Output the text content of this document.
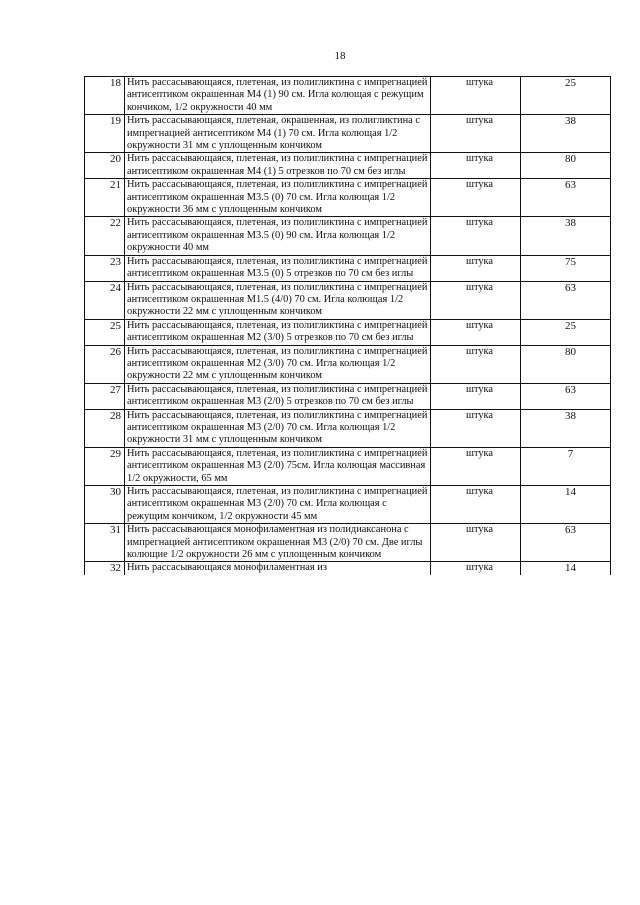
18
18	Нить рассасывающаяся, плетеная, из полигликтина с импрегнацией антисептиком окрашенная М4 (1) 90 см. Игла колющая с режущим кончиком, 1/2 окружности 40 мм	штука	25
19	Нить рассасывающаяся, плетеная, окрашенная, из полигликтина с импрегнацией антисептиком М4 (1) 70 см. Игла колющая 1/2 окружности 31 мм с уплощенным кончиком	штука	38
20	Нить рассасывающаяся, плетеная, из полигликтина с импрегнацией антисептиком окрашенная М4 (1) 5 отрезков по 70 см без иглы	штука	80
21	Нить рассасывающаяся, плетеная, из полигликтина с импрегнацией антисептиком окрашенная М3.5 (0) 70 см. Игла колющая 1/2 окружности 36 мм с уплощенным кончиком	штука	63
22	Нить рассасывающаяся, плетеная, из полигликтина с импрегнацией антисептиком окрашенная М3.5 (0) 90 см. Игла колющая 1/2 окружности 40 мм	штука	38
23	Нить рассасывающаяся, плетеная, из полигликтина с импрегнацией антисептиком окрашенная М3.5 (0) 5 отрезков по 70 см без иглы	штука	75
24	Нить рассасывающаяся, плетеная, из полигликтина с импрегнацией антисептиком окрашенная М1.5 (4/0) 70 см. Игла колющая 1/2 окружности 22 мм с уплощенным кончиком	штука	63
25	Нить рассасывающаяся, плетеная, из полигликтина с импрегнацией антисептиком окрашенная М2 (3/0) 5 отрезков по 70 см без иглы	штука	25
26	Нить рассасывающаяся, плетеная, из полигликтина с импрегнацией антисептиком окрашенная М2 (3/0) 70 см. Игла колющая 1/2 окружности 22 мм с уплощенным кончиком	штука	80
27	Нить рассасывающаяся, плетеная, из полигликтина с импрегнацией антисептиком окрашенная М3 (2/0) 5 отрезков по 70 см без иглы	штука	63
28	Нить рассасывающаяся, плетеная, из полигликтина с импрегнацией антисептиком окрашенная М3 (2/0) 70 см. Игла колющая 1/2 окружности 31 мм с уплощенным кончиком	штука	38
29	Нить рассасывающаяся, плетеная, из полигликтина с импрегнацией антисептиком окрашенная М3 (2/0) 75см. Игла колющая массивная 1/2 окружности, 65 мм	штука	7
30	Нить рассасывающаяся, плетеная, из полигликтина с импрегнацией антисептиком окрашенная М3 (2/0) 70 см. Игла колющая с режущим кончиком, 1/2 окружности 45 мм	штука	14
31	Нить рассасывающаяся монофиламентная из полидиаксанона с импрегнацией антисептиком окрашенная М3 (2/0) 70 см. Две иглы колющие 1/2 окружности 26 мм с уплощенным кончиком	штука	63
32	Нить рассасывающаяся монофиламентная из	штука	14
